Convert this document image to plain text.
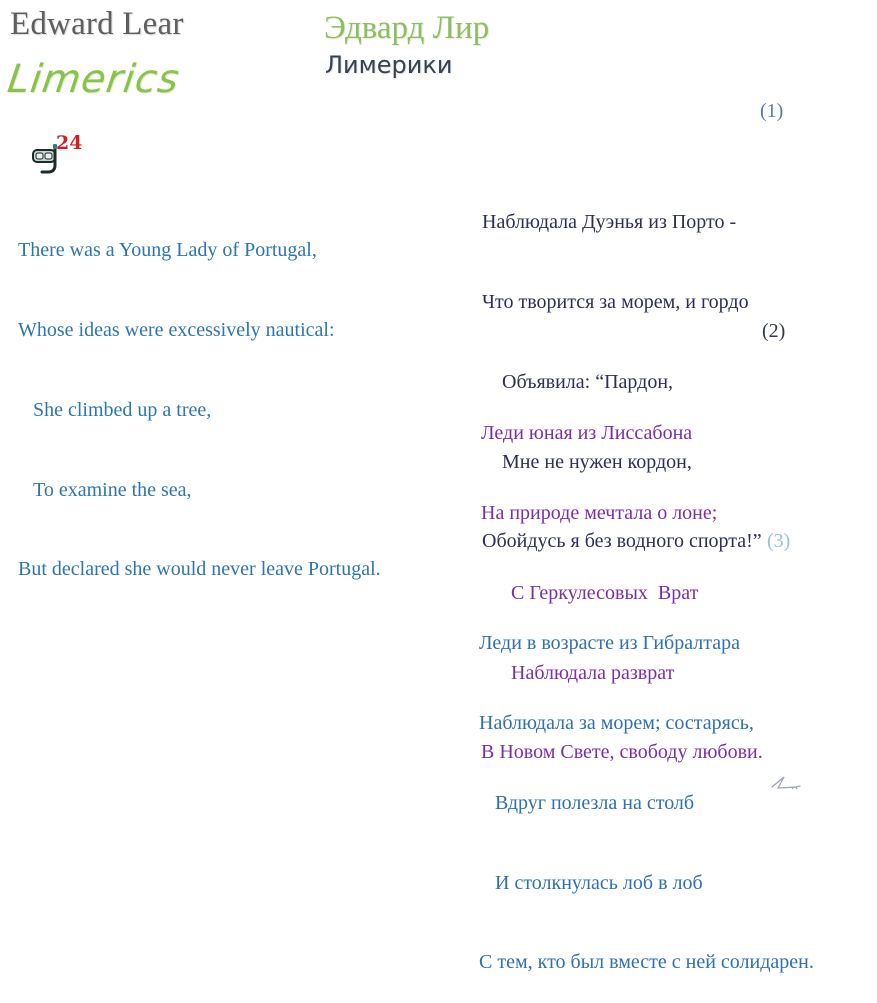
Edward Lear
Limerics
Эдвард Лир
Лимерики

24

There was a Young Lady of Portugal,

Whose ideas were excessively nautical:

She climbed up a tree,

To examine the sea,

But declared she would never leave Portugal.

(1)

Наблюдала Дуэнья из Порто -

Что творится за морем, и гордо

Объявила: “Пардон,

Мне не нужен кордон,

Обойдусь я без водного спорта!”

(2)

Леди юная из Лиссабона

На природе мечтала о лоне;

С Геркулесовых  Врат

Наблюдала разврат

В Новом Свете, свободу любови.

(3)

Леди в возрасте из Гибралтара

Наблюдала за морем; состарясь,

Вдруг полезла на столб

И столкнулась лоб в лоб

С тем, кто был вместе с ней солидарен.
